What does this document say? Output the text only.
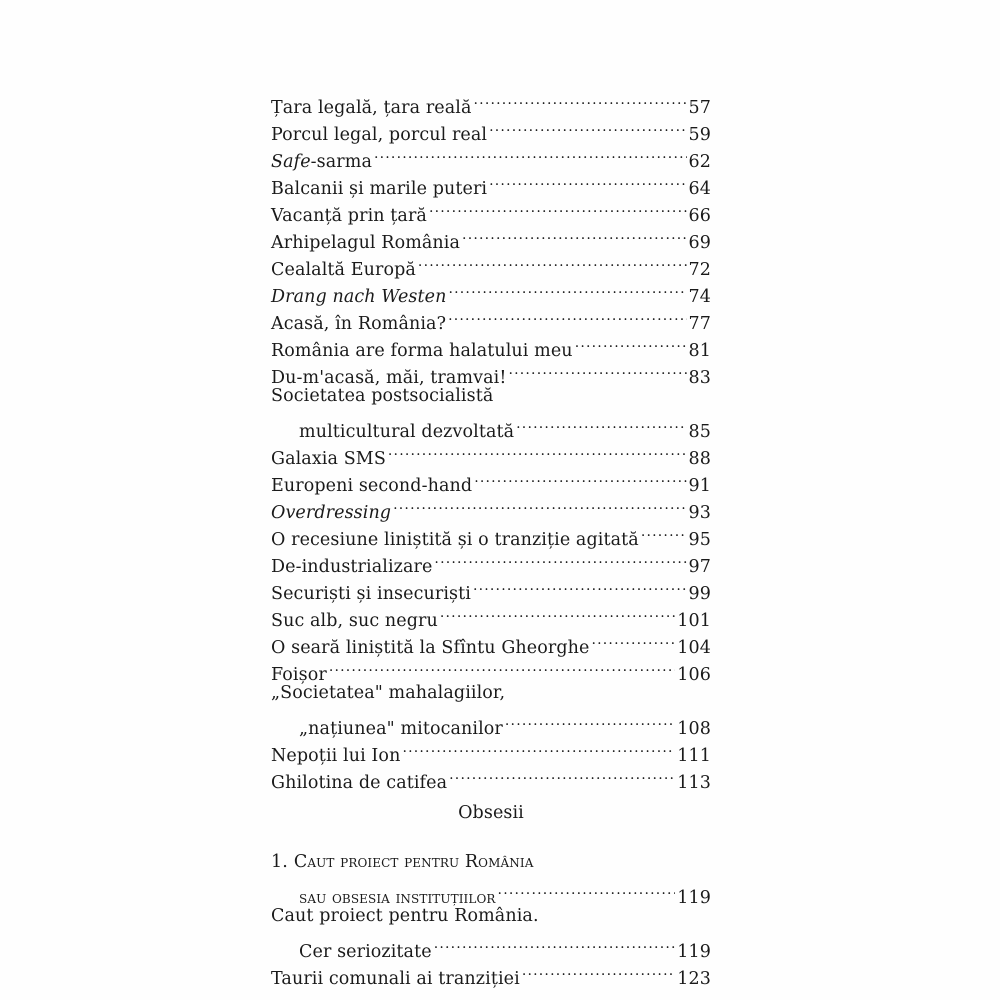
Țara legală, țara reală .....	57
Porcul legal, porcul real .....	59
Safe-sarma .....	62
Balcanii și marile puteri .....	64
Vacanță prin țară .....	66
Arhipelagul România .....	69
Cealaltă Europă .....	72
Drang nach Westen .....	74
Acasă, în România? .....	77
România are forma halatului meu .....	81
Du-m'acasă, măi, tramvai! .....	83
Societatea postsocialistă
multicultural dezvoltată .....	85
Galaxia SMS .....	88
Europeni second-hand .....	91
Overdressing .....	93
O recesiune liniștită și o tranziție agitată .....	95
De-industrializare .....	97
Securiști și insecuriști .....	99
Suc alb, suc negru .....	101
O seară liniștită la Sfîntu Gheorghe .....	104
Foișor .....	106
„Societatea" mahalagiilor,
„națiunea" mitocanilor .....	108
Nepoții lui Ion .....	111
Ghilotina de catifea .....	113
Obsesii
1. Caut proiect pentru România
sau obsesia instituțiilor .....	119
Caut proiect pentru România.
Cer seriozitate .....	119
Taurii comunali ai tranziției .....	123
